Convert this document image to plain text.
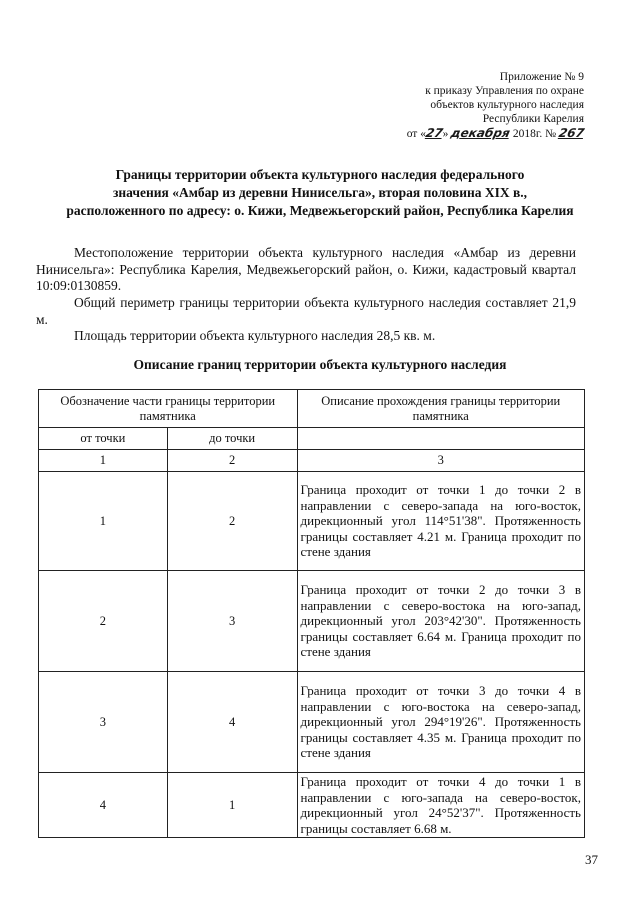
Приложение № 9
к приказу Управления по охране
объектов культурного наследия
Республики Карелия
от «27» декабря 2018г. № 267
Границы территории объекта культурного наследия федерального
значения «Амбар из деревни Нинисельга», вторая половина XIX в.,
расположенного по адресу: о. Кижи, Медвежьегорский район, Республика Карелия
Местоположение территории объекта культурного наследия «Амбар из деревни Нинисельга»: Республика Карелия, Медвежьегорский район, о. Кижи, кадастровый квартал 10:09:0130859.
Общий периметр границы территории объекта культурного наследия составляет 21,9 м.
Площадь территории объекта культурного наследия 28,5 кв. м.
Описание границ территории объекта культурного наследия
Обозначение части границы территории памятника		Описание прохождения границы территории памятника
от точки	до точки	
1	2	3
1	2	Граница проходит от точки 1 до точки 2 в направлении с северо-запада на юго-восток, дирекционный угол 114°51'38". Протяженность границы составляет 4.21 м. Граница проходит по стене здания
2	3	Граница проходит от точки 2 до точки 3 в направлении с северо-востока на юго-запад, дирекционный угол 203°42'30". Протяженность границы составляет 6.64 м. Граница проходит по стене здания
3	4	Граница проходит от точки 3 до точки 4 в направлении с юго-востока на северо-запад, дирекционный угол 294°19'26". Протяженность границы составляет 4.35 м. Граница проходит по стене здания
4	1	Граница проходит от точки 4 до точки 1 в направлении с юго-запада на северо-восток, дирекционный угол 24°52'37". Протяженность границы составляет 6.68 м.
37
